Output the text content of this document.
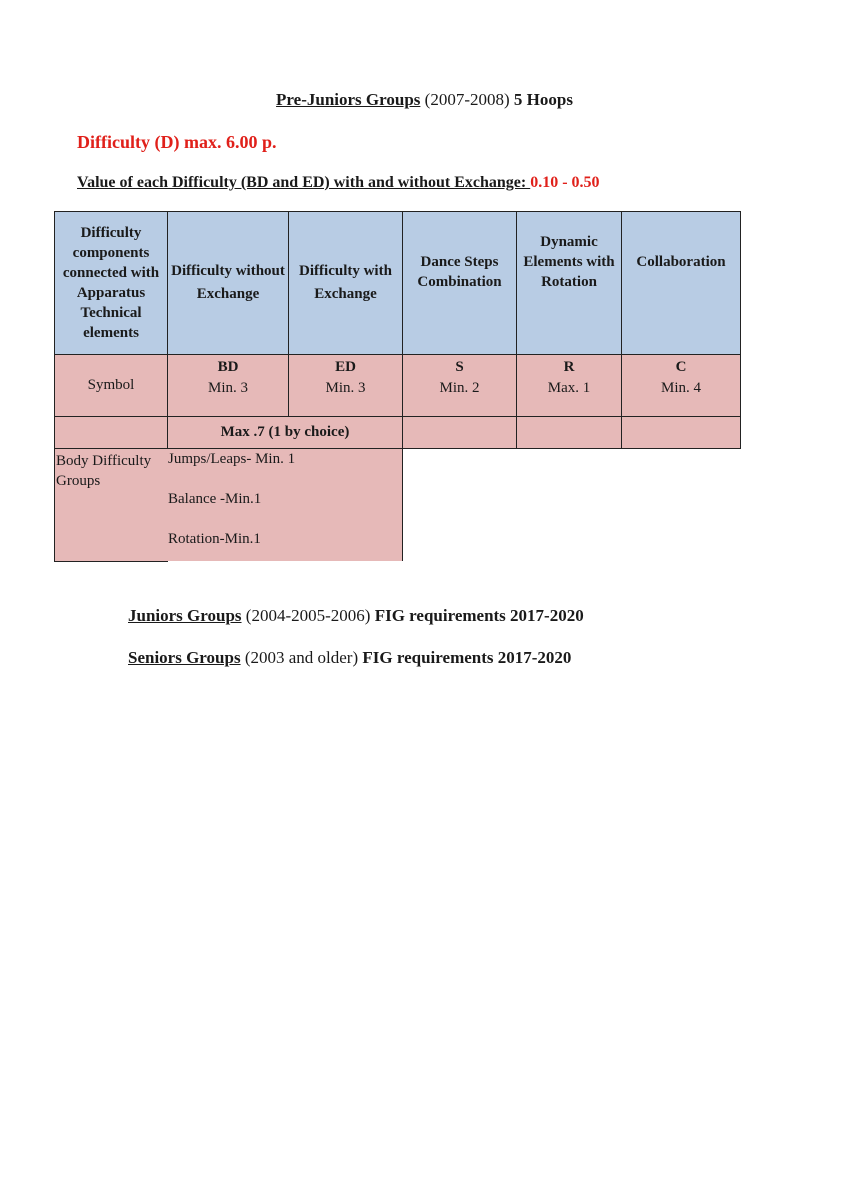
Pre-Juniors Groups (2007-2008) 5 Hoops
Difficulty (D) max. 6.00 p.
Value of each Difficulty (BD and ED) with and without Exchange: 0.10 - 0.50
Difficulty components connected with Apparatus Technical elements
Difficulty without Exchange
Difficulty with Exchange
Dance Steps Combination
Dynamic Elements with Rotation
Collaboration
Symbol
BD
Min. 3
ED
Min. 3
S
Min. 2
R
Max. 1
C
Min. 4
Max .7 (1 by choice)
Body Difficulty Groups
Jumps/Leaps- Min. 1
Balance -Min.1
Rotation-Min.1
Juniors Groups (2004-2005-2006) FIG requirements 2017-2020
Seniors Groups (2003 and older) FIG requirements 2017-2020
